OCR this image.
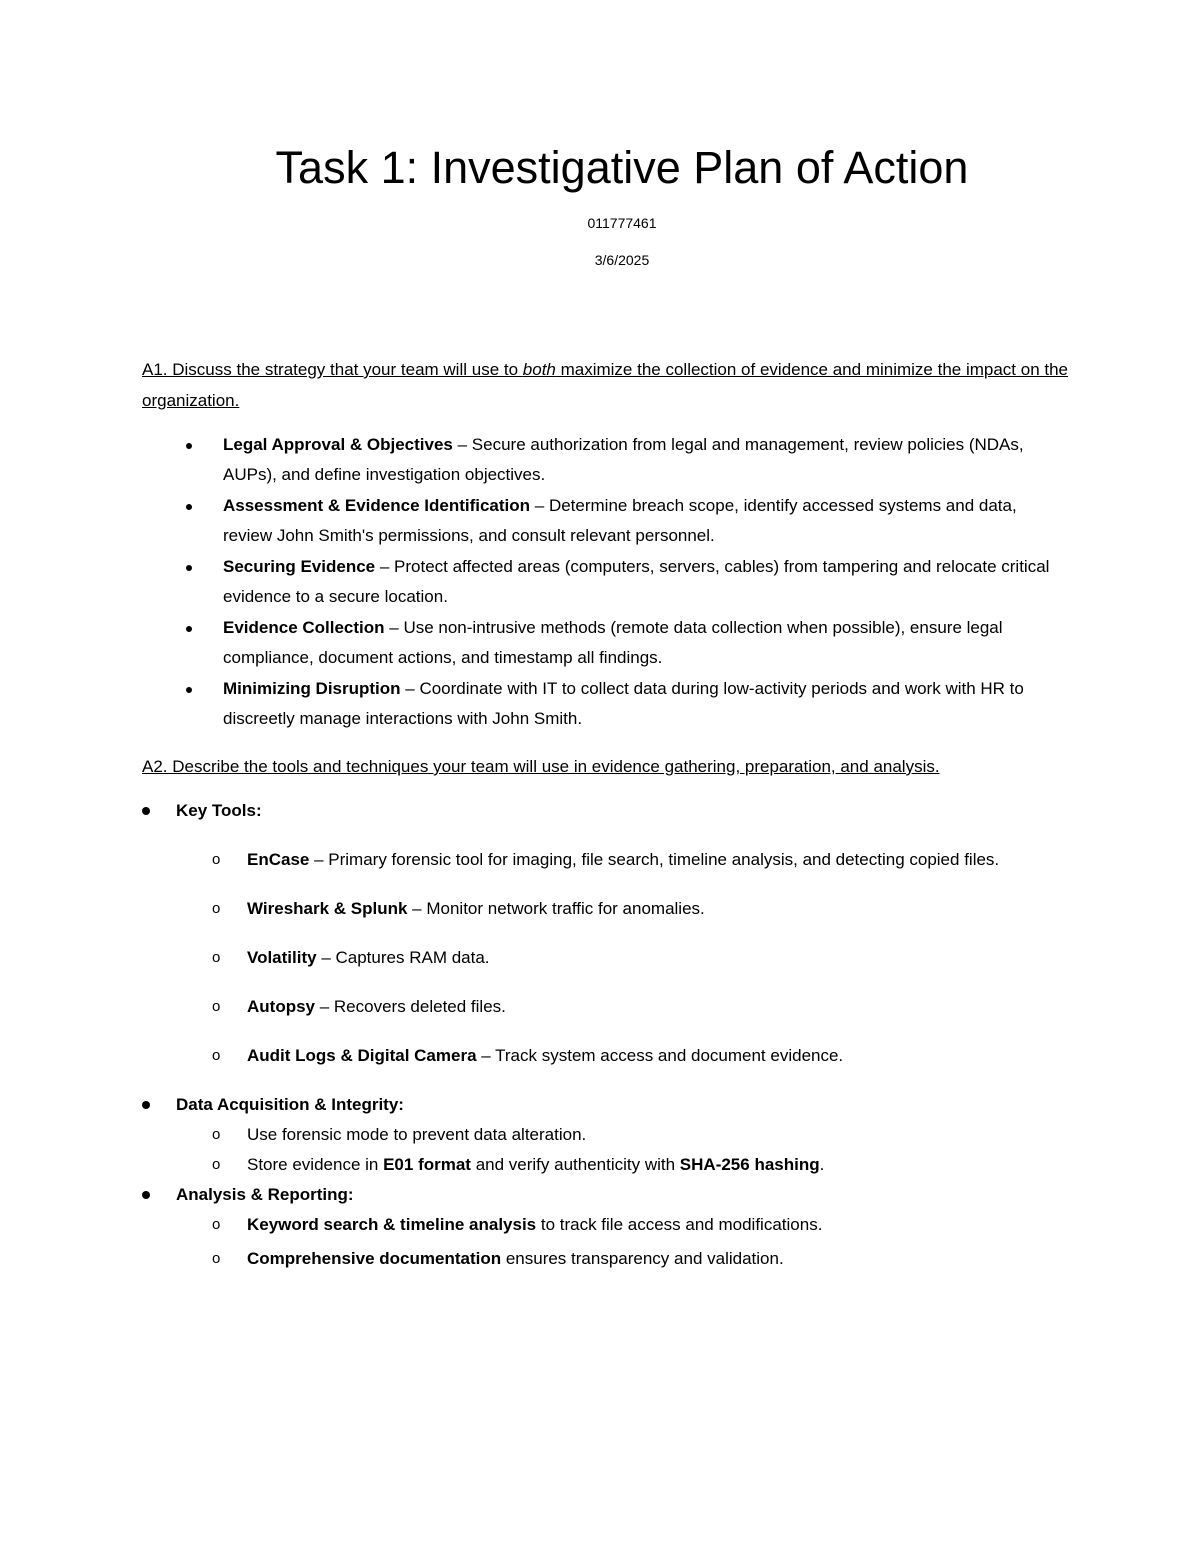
Task 1: Investigative Plan of Action
011777461
3/6/2025
A1. Discuss the strategy that your team will use to both maximize the collection of evidence and minimize the impact on the organization.
Legal Approval & Objectives – Secure authorization from legal and management, review policies (NDAs, AUPs), and define investigation objectives.
Assessment & Evidence Identification – Determine breach scope, identify accessed systems and data, review John Smith's permissions, and consult relevant personnel.
Securing Evidence – Protect affected areas (computers, servers, cables) from tampering and relocate critical evidence to a secure location.
Evidence Collection – Use non-intrusive methods (remote data collection when possible), ensure legal compliance, document actions, and timestamp all findings.
Minimizing Disruption – Coordinate with IT to collect data during low-activity periods and work with HR to discreetly manage interactions with John Smith.
A2. Describe the tools and techniques your team will use in evidence gathering, preparation, and analysis.
Key Tools:
o EnCase – Primary forensic tool for imaging, file search, timeline analysis, and detecting copied files.
o Wireshark & Splunk – Monitor network traffic for anomalies.
o Volatility – Captures RAM data.
o Autopsy – Recovers deleted files.
o Audit Logs & Digital Camera – Track system access and document evidence.
Data Acquisition & Integrity:
o Use forensic mode to prevent data alteration.
o Store evidence in E01 format and verify authenticity with SHA-256 hashing.
Analysis & Reporting:
o Keyword search & timeline analysis to track file access and modifications.
o Comprehensive documentation ensures transparency and validation.
